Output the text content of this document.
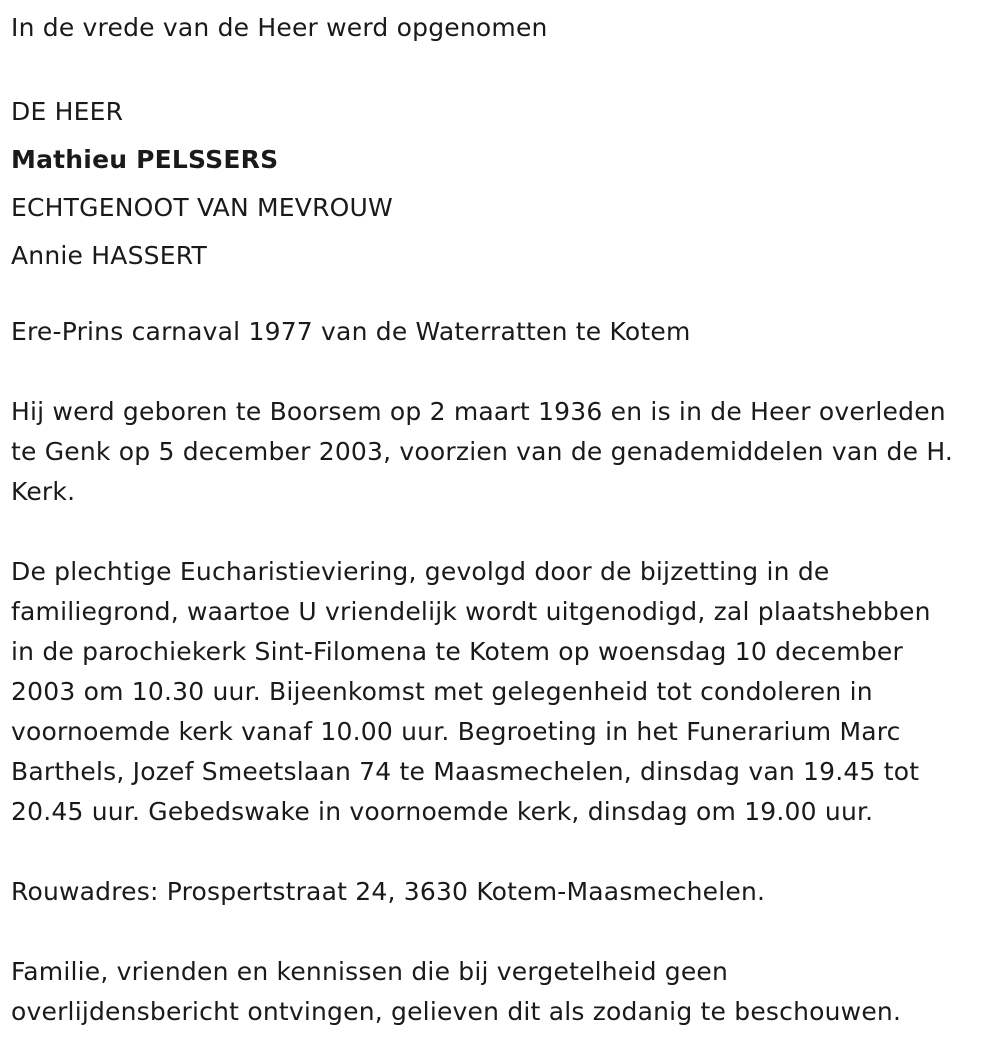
In de vrede van de Heer werd opgenomen
DE HEER
Mathieu PELSSERS
ECHTGENOOT VAN MEVROUW
Annie HASSERT
Ere-Prins carnaval 1977 van de Waterratten te Kotem
Hij werd geboren te Boorsem op 2 maart 1936 en is in de Heer overleden
te Genk op 5 december 2003, voorzien van de genademiddelen van de H.
Kerk.
De plechtige Eucharistieviering, gevolgd door de bijzetting in de
familiegrond, waartoe U vriendelijk wordt uitgenodigd, zal plaatshebben
in de parochiekerk Sint-Filomena te Kotem op woensdag 10 december
2003 om 10.30 uur. Bijeenkomst met gelegenheid tot condoleren in
voornoemde kerk vanaf 10.00 uur. Begroeting in het Funerarium Marc
Barthels, Jozef Smeetslaan 74 te Maasmechelen, dinsdag van 19.45 tot
20.45 uur. Gebedswake in voornoemde kerk, dinsdag om 19.00 uur.
Rouwadres: Prospertstraat 24, 3630 Kotem-Maasmechelen.
Familie, vrienden en kennissen die bij vergetelheid geen
overlijdensbericht ontvingen, gelieven dit als zodanig te beschouwen.
